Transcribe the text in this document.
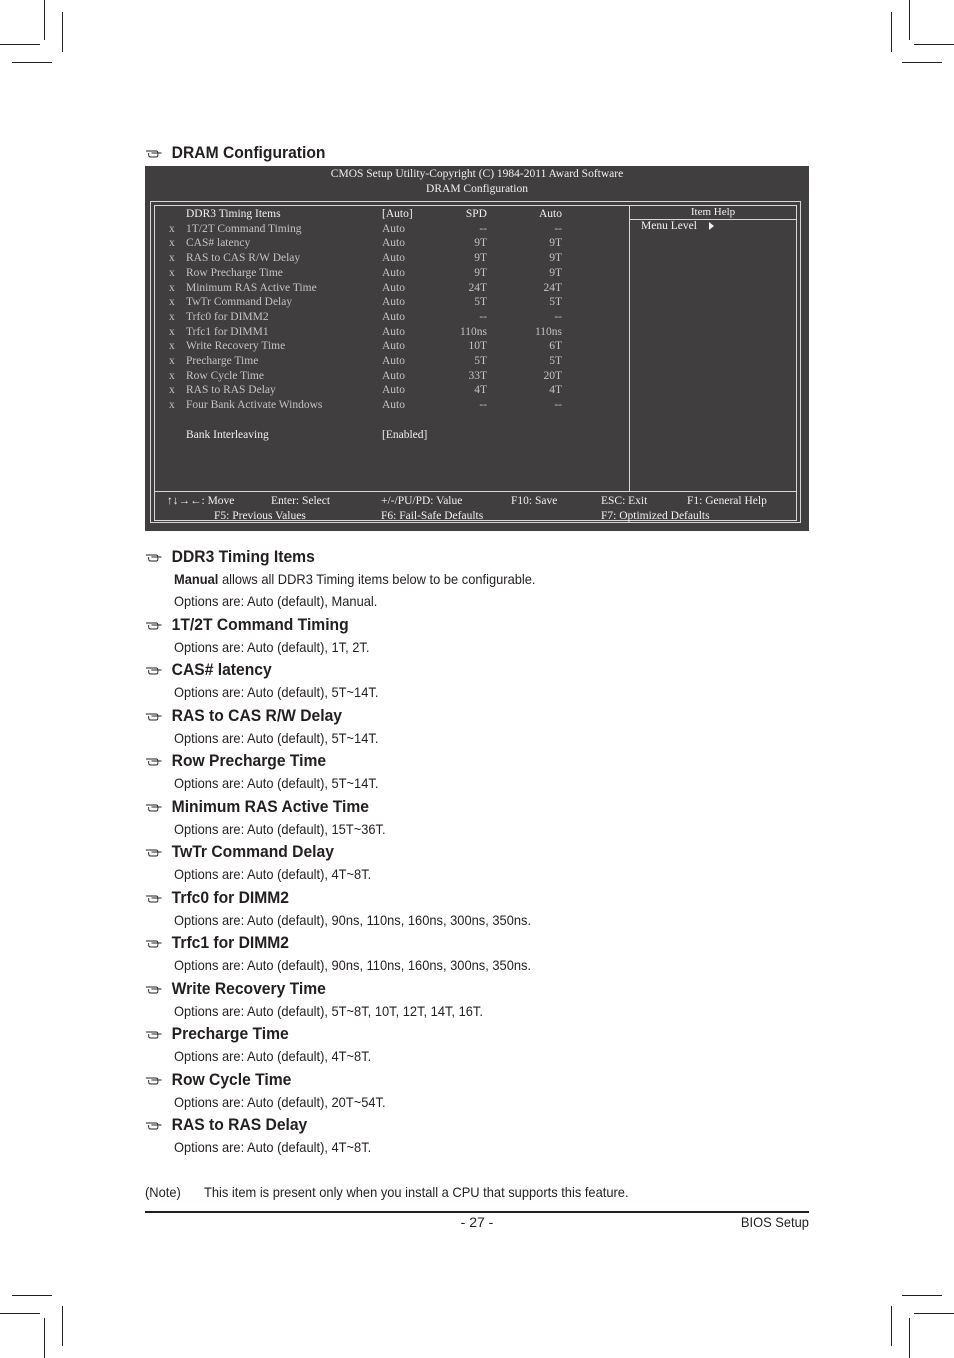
DRAM Configuration
CMOS Setup Utility-Copyright (C) 1984-2011 Award Software
DRAM Configuration
Item Help
Menu Level
DDR3 Timing Items	[Auto]	SPD	Auto
x 1T/2T Command Timing	Auto	--	--
x CAS# latency	Auto	9T	9T
x RAS to CAS R/W Delay	Auto	9T	9T
x Row Precharge Time	Auto	9T	9T
x Minimum RAS Active Time	Auto	24T	24T
x TwTr Command Delay	Auto	5T	5T
x Trfc0 for DIMM2	Auto	--	--
x Trfc1 for DIMM1	Auto	110ns	110ns
x Write Recovery Time	Auto	10T	6T
x Precharge Time	Auto	5T	5T
x Row Cycle Time	Auto	33T	20T
x RAS to RAS Delay	Auto	4T	4T
x Four Bank Activate Windows	Auto	--	--
Bank Interleaving	[Enabled]
↑↓→←: Move	Enter: Select	+/-/PU/PD: Value	F10: Save	ESC: Exit	F1: General Help
F5: Previous Values	F6: Fail-Safe Defaults	F7: Optimized Defaults
DDR3 Timing Items
Manual allows all DDR3 Timing items below to be configurable.
Options are: Auto (default), Manual.
1T/2T Command Timing
Options are: Auto (default), 1T, 2T.
CAS# latency
Options are: Auto (default), 5T~14T.
RAS to CAS R/W Delay
Options are: Auto (default), 5T~14T.
Row Precharge Time
Options are: Auto (default), 5T~14T.
Minimum RAS Active Time
Options are: Auto (default), 15T~36T.
TwTr Command Delay
Options are: Auto (default), 4T~8T.
Trfc0 for DIMM2
Options are: Auto (default), 90ns, 110ns, 160ns, 300ns, 350ns.
Trfc1 for DIMM2
Options are: Auto (default), 90ns, 110ns, 160ns, 300ns, 350ns.
Write Recovery Time
Options are: Auto (default), 5T~8T, 10T, 12T, 14T, 16T.
Precharge Time
Options are: Auto (default), 4T~8T.
Row Cycle Time
Options are: Auto (default), 20T~54T.
RAS to RAS Delay
Options are: Auto (default), 4T~8T.
(Note) This item is present only when you install a CPU that supports this feature.
- 27 -	BIOS Setup
